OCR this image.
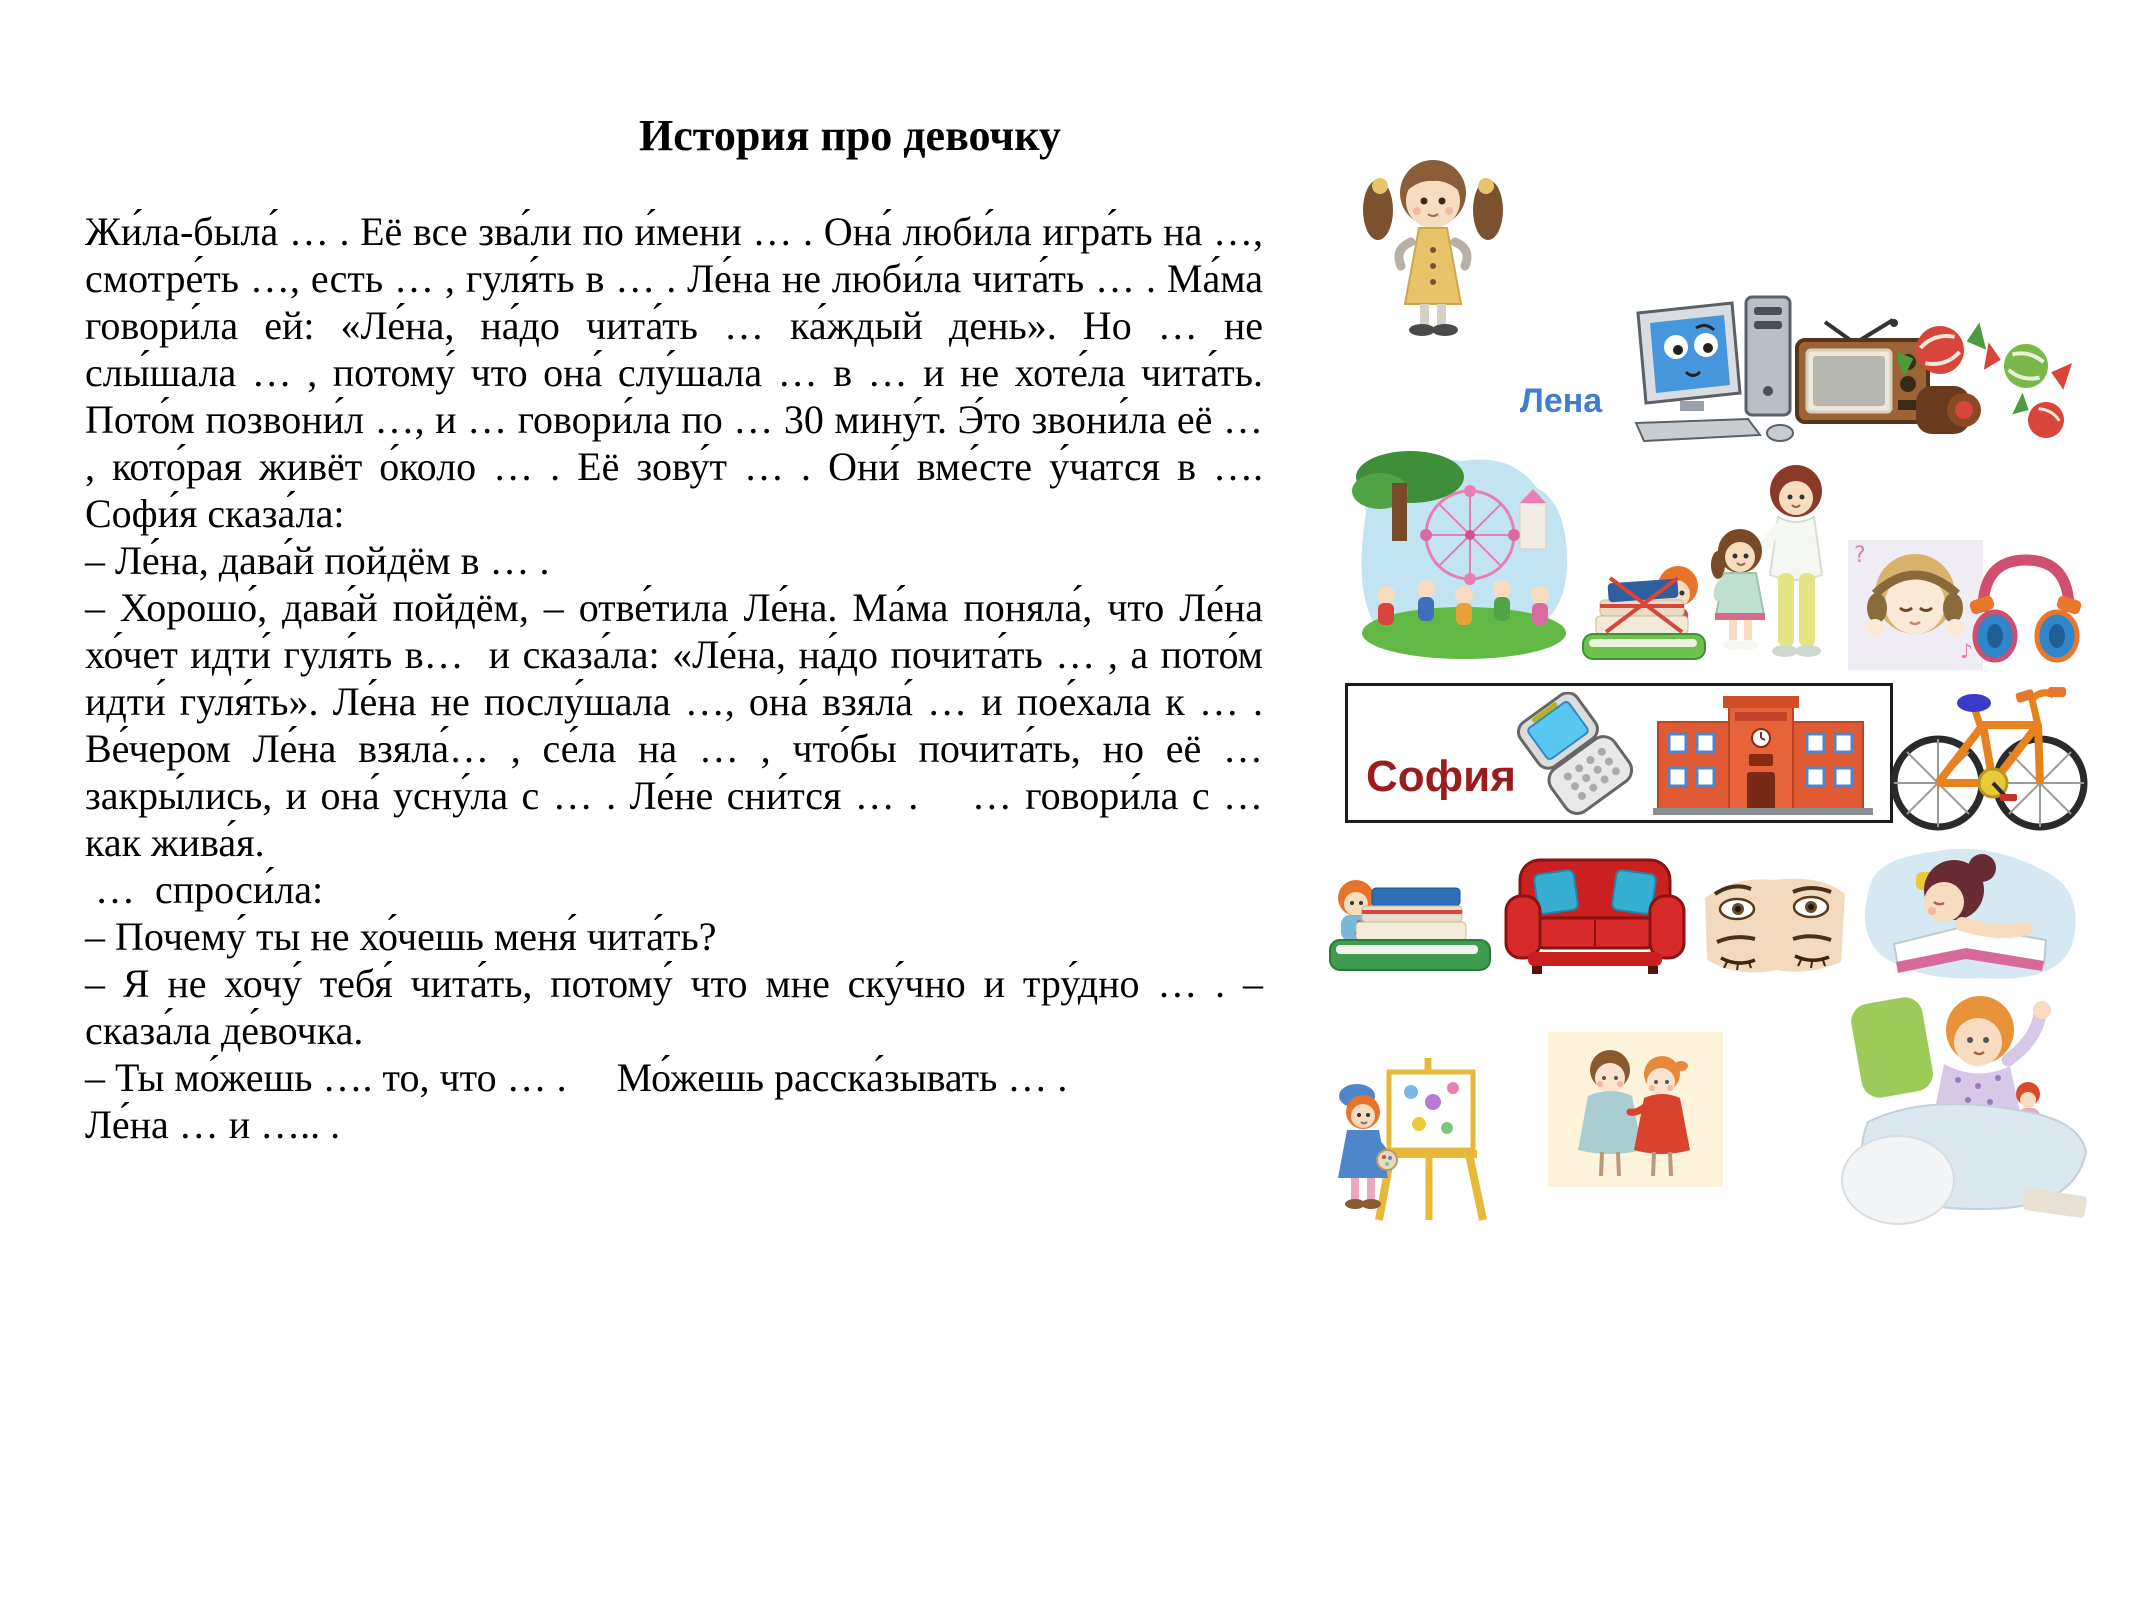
История про девочку
Жи́ла-была́ … . Её все зва́ли по и́мени … . Она́ люби́ла игра́ть на …, смотре́ть …, есть … , гуля́ть в … . Ле́на не люби́ла чита́ть … . Ма́ма говори́ла ей: «Ле́на, на́до чита́ть … ка́ждый день». Но … не слы́шала … , потому́ что она́ слу́шала … в … и не хоте́ла чита́ть. Пото́м позвони́л …, и … говори́ла по … 30 мину́т. Э́то звони́ла её … , кото́рая живёт о́коло … . Её зову́т … . Они́ вме́сте у́чатся в …. Софи́я сказа́ла:
– Ле́на, дава́й пойдём в … .
– Хорошо́, дава́й пойдём, – отве́тила Ле́на. Ма́ма поняла́, что Ле́на хо́чет идти́ гуля́ть в…  и сказа́ла: «Ле́на, на́до почита́ть … , а пото́м идти́ гуля́ть». Ле́на не послу́шала …, она́ взяла́ … и пое́хала к … . Ве́чером Ле́на взяла́… , се́ла на … , что́бы почита́ть, но её … закры́лись, и она́ усну́ла с … . Ле́не сни́тся … .    … говори́ла с … как жива́я.
…  спроси́ла:
– Почему́ ты не хо́чешь меня́ чита́ть?
– Я не хочу́ тебя́ чита́ть, потому́ что мне ску́чно и тру́дно … . – сказа́ла де́вочка.
– Ты мо́жешь …. то, что … .     Мо́жешь расска́зывать … .
Ле́на … и ….. .
Лена
?
♪
София
